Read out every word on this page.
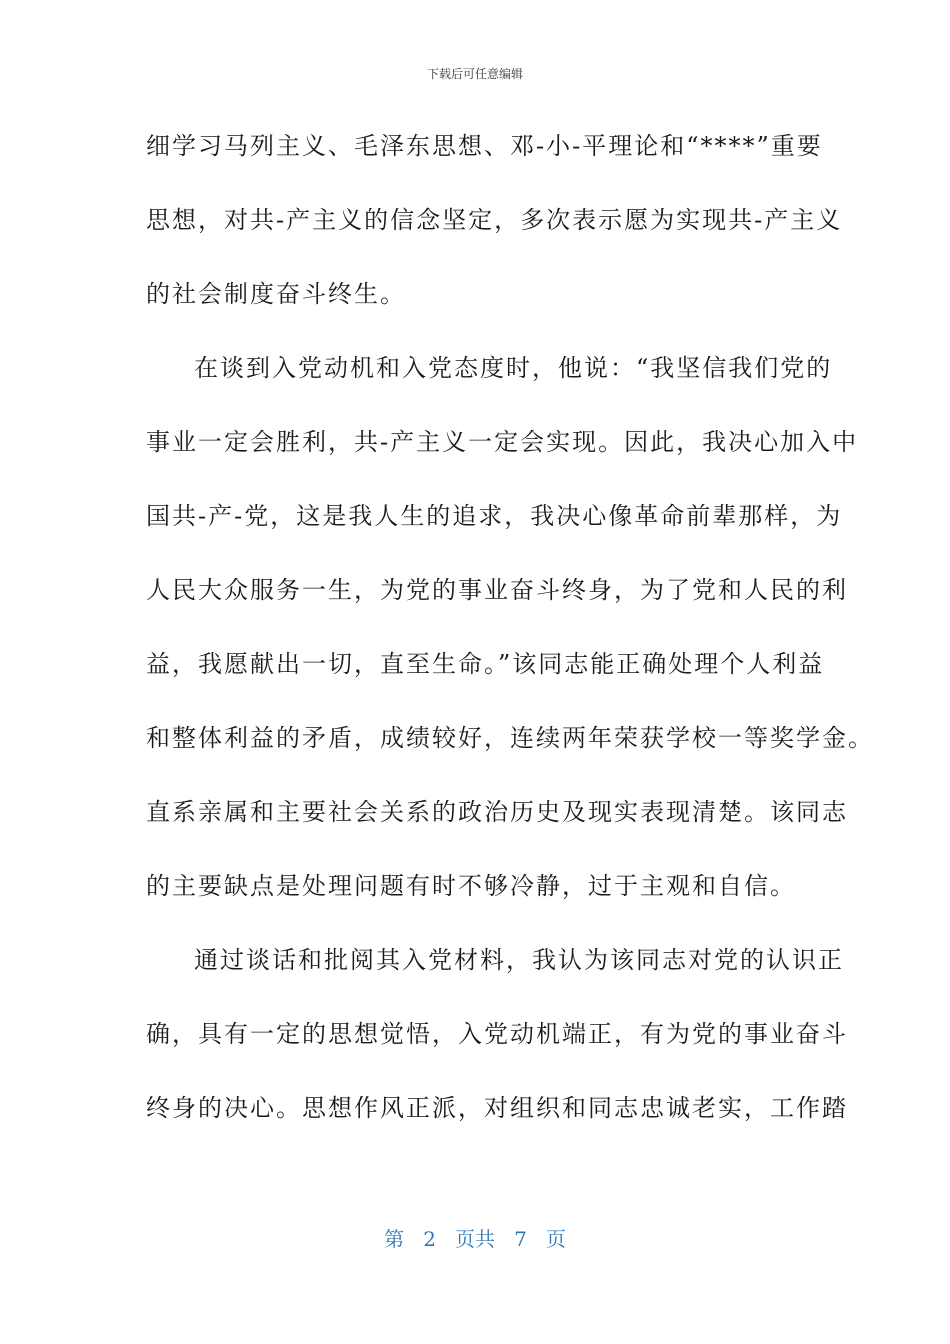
下载后可任意编辑
细学习马列主义、毛泽东思想、邓-小-平理论和“****”重要
思想，对共-产主义的信念坚定，多次表示愿为实现共-产主义
的社会制度奋斗终生。
在谈到入党动机和入党态度时，他说：“我坚信我们党的
事业一定会胜利，共-产主义一定会实现。因此，我决心加入中
国共-产-党，这是我人生的追求，我决心像革命前辈那样，为
人民大众服务一生，为党的事业奋斗终身，为了党和人民的利
益，我愿献出一切，直至生命。”该同志能正确处理个人利益
和整体利益的矛盾，成绩较好，连续两年荣获学校一等奖学金。
直系亲属和主要社会关系的政治历史及现实表现清楚。该同志
的主要缺点是处理问题有时不够冷静，过于主观和自信。
通过谈话和批阅其入党材料，我认为该同志对党的认识正
确，具有一定的思想觉悟，入党动机端正，有为党的事业奋斗
终身的决心。思想作风正派，对组织和同志忠诚老实，工作踏
第 2 页共 7 页
